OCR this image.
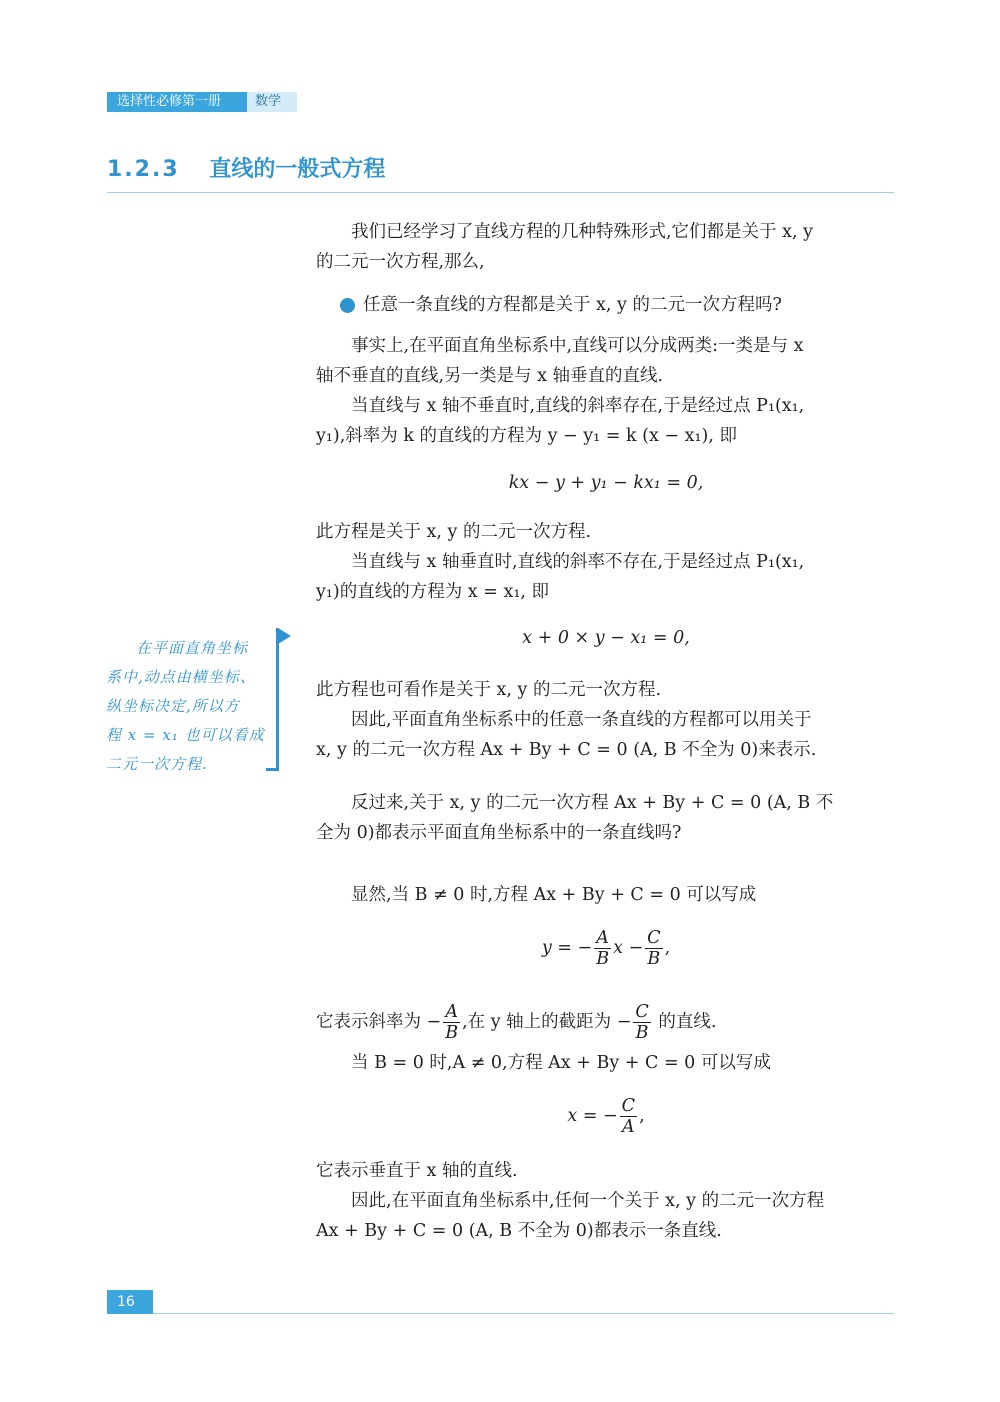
选择性必修第一册	数学
1.2.3 直线的一般式方程

我们已经学习了直线方程的几种特殊形式,它们都是关于 x, y

的二元一次方程,那么,

任意一条直线的方程都是关于 x, y 的二元一次方程吗?

事实上,在平面直角坐标系中,直线可以分成两类:一类是与 x

轴不垂直的直线,另一类是与 x 轴垂直的直线.

当直线与 x 轴不垂直时,直线的斜率存在,于是经过点 P₁(x₁,

y₁),斜率为 k 的直线的方程为 y − y₁ = k (x − x₁), 即

kx − y + y₁ − kx₁ = 0,

此方程是关于 x, y 的二元一次方程.

当直线与 x 轴垂直时,直线的斜率不存在,于是经过点 P₁(x₁,

y₁)的直线的方程为 x = x₁, 即

x + 0 × y − x₁ = 0,

此方程也可看作是关于 x, y 的二元一次方程.

因此,平面直角坐标系中的任意一条直线的方程都可以用关于

x, y 的二元一次方程 Ax + By + C = 0 (A, B 不全为 0)来表示.

反过来,关于 x, y 的二元一次方程 Ax + By + C = 0 (A, B 不

全为 0)都表示平面直角坐标系中的一条直线吗?

显然,当 B ≠ 0 时,方程 Ax + By + C = 0 可以写成

y = − $\frac{A}{B}$ $x - \frac{C}{B}$ ,
它表示斜率为 − $\frac{A}{B}$ ,在 y 轴上的截距为 − $\frac{C}{B}$ 的直线.

当 B = 0 时,A ≠ 0,方程 Ax + By + C = 0 可以写成

x = − $\frac{C}{A}$ ,

它表示垂直于 x 轴的直线.

因此,在平面直角坐标系中,任何一个关于 x, y 的二元一次方程

Ax + By + C = 0 (A, B 不全为 0)都表示一条直线.

在平面直角坐标
系中,动点由横坐标、
纵坐标决定,所以方
程 x = x₁ 也可以看成
二元一次方程.
16
